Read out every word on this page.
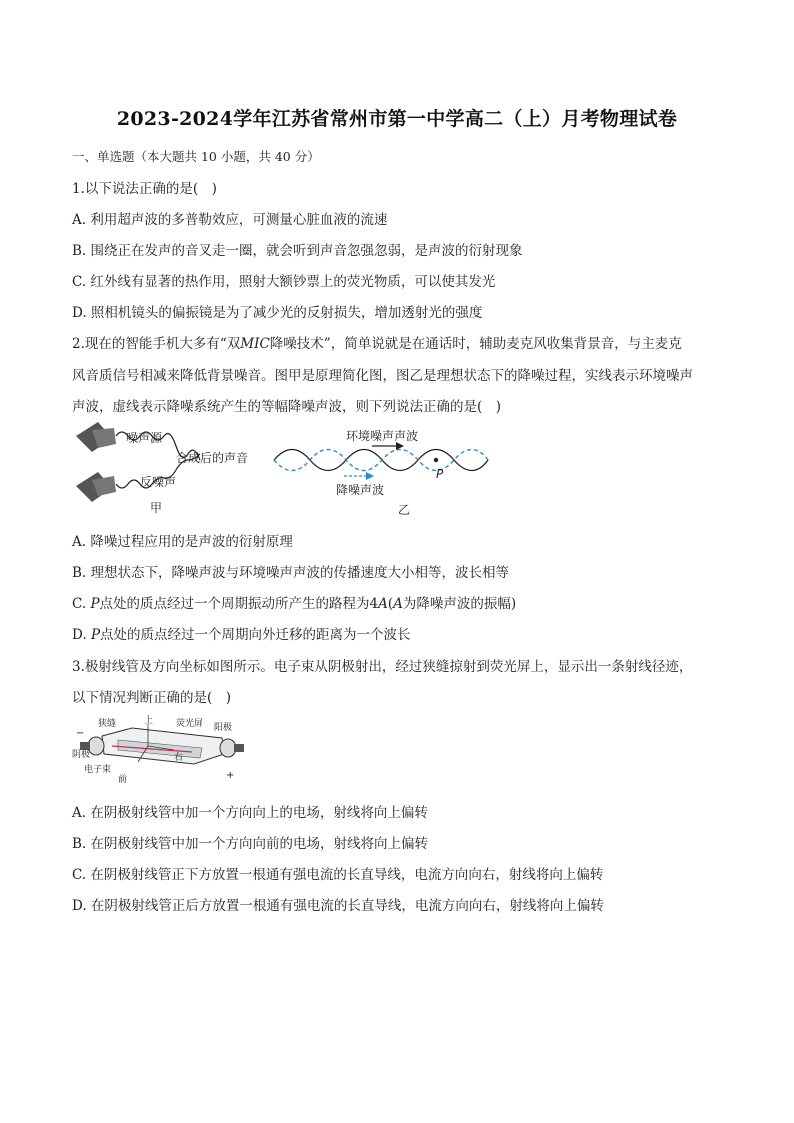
2023-2024学年江苏省常州市第一中学高二（上）月考物理试卷
一、单选题（本大题共 10 小题，共 40 分）
1.以下说法正确的是(　)
A. 利用超声波的多普勒效应，可测量心脏血液的流速
B. 围绕正在发声的音叉走一圈，就会听到声音忽强忽弱，是声波的衍射现象
C. 红外线有显著的热作用，照射大额钞票上的荧光物质，可以使其发光
D. 照相机镜头的偏振镜是为了减少光的反射损失，增加透射光的强度
2.现在的智能手机大多有“双MIC降噪技术”，简单说就是在通话时，辅助麦克风收集背景音，与主麦克
风音质信号相减来降低背景噪音。图甲是原理简化图，图乙是理想状态下的降噪过程，实线表示环境噪声
声波，虚线表示降噪系统产生的等幅降噪声波，则下列说法正确的是(　)
噪声源
合成后的声音
反噪声
甲
环境噪声声波
P
降噪声波
乙
A. 降噪过程应用的是声波的衍射原理
B. 理想状态下，降噪声波与环境噪声声波的传播速度大小相等，波长相等
C. P点处的质点经过一个周期振动所产生的路程为4A(A为降噪声波的振幅)
D. P点处的质点经过一个周期向外迁移的距离为一个波长
3.极射线管及方向坐标如图所示。电子束从阴极射出，经过狭缝掠射到荧光屏上，显示出一条射线径迹，
以下情况判断正确的是(　)
−
狭缝	上	荧光屏
阴极
阳极
右
电子束
前	+
A. 在阴极射线管中加一个方向向上的电场，射线将向上偏转
B. 在阴极射线管中加一个方向向前的电场，射线将向上偏转
C. 在阴极射线管正下方放置一根通有强电流的长直导线，电流方向向右，射线将向上偏转
D. 在阴极射线管正后方放置一根通有强电流的长直导线，电流方向向右，射线将向上偏转
